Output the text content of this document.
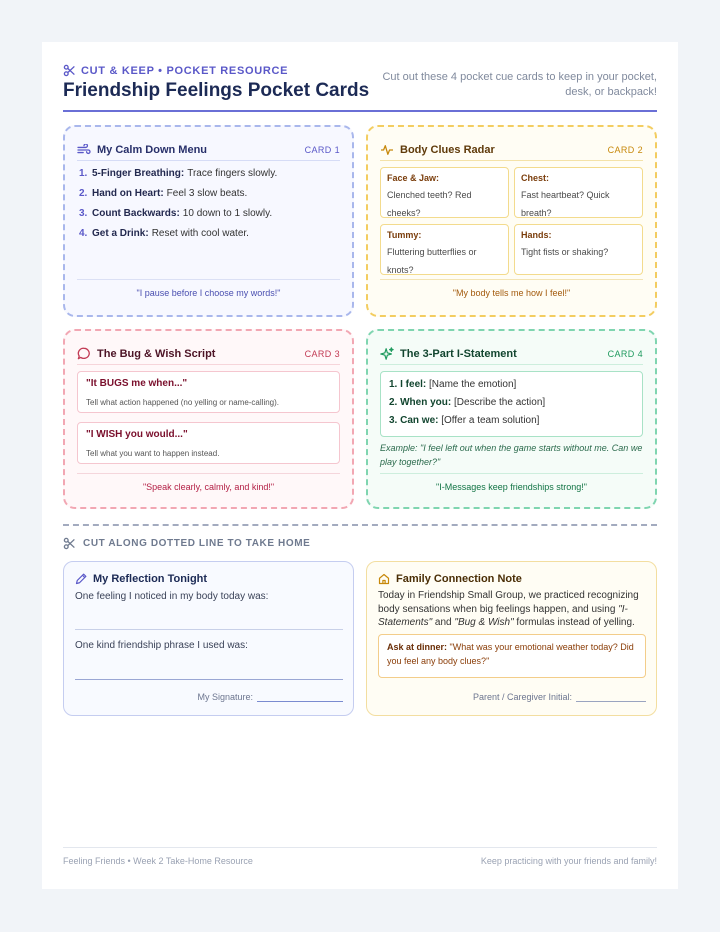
CUT & KEEP • POCKET RESOURCE
Friendship Feelings Pocket Cards
Cut out these 4 pocket cue cards to keep in your pocket, desk, or backpack!
My Calm Down Menu	CARD 1
1. 5-Finger Breathing: Trace fingers slowly.
2. Hand on Heart: Feel 3 slow beats.
3. Count Backwards: 10 down to 1 slowly.
4. Get a Drink: Reset with cool water.
"I pause before I choose my words!"
Body Clues Radar	CARD 2
Face & Jaw:
Clenched teeth? Red cheeks?
Chest:
Fast heartbeat? Quick breath?
Tummy:
Fluttering butterflies or knots?
Hands:
Tight fists or shaking?
"My body tells me how I feel!"
The Bug & Wish Script	CARD 3
"It BUGS me when..."
Tell what action happened (no yelling or name-calling).
"I WISH you would..."
Tell what you want to happen instead.
"Speak clearly, calmly, and kind!"
The 3-Part I-Statement	CARD 4
1. I feel: [Name the emotion]
2. When you: [Describe the action]
3. Can we: [Offer a team solution]
Example: "I feel left out when the game starts without me. Can we play together?"
"I-Messages keep friendships strong!"
CUT ALONG DOTTED LINE TO TAKE HOME
My Reflection Tonight
One feeling I noticed in my body today was:
One kind friendship phrase I used was:
My Signature:
Family Connection Note

Today in Friendship Small Group, we practiced recognizing body sensations when big feelings happen, and using "I-Statements" and "Bug & Wish" formulas instead of yelling.

Ask at dinner: "What was your emotional weather today? Did you feel any body clues?"
Parent / Caregiver Initial:
Feeling Friends • Week 2 Take-Home Resource	Keep practicing with your friends and family!
